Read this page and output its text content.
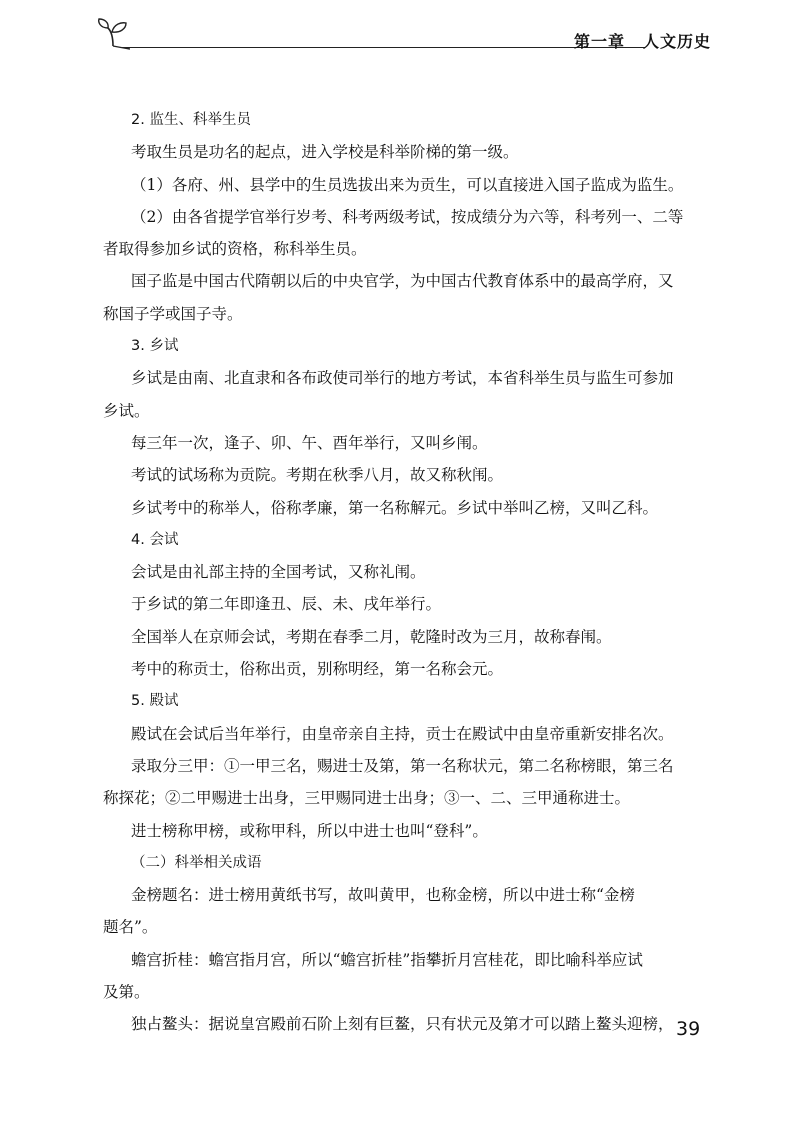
第一章 人文历史

2. 监生、科举生员

考取生员是功名的起点，进入学校是科举阶梯的第一级。

（1）各府、州、县学中的生员选拔出来为贡生，可以直接进入国子监成为监生。

（2）由各省提学官举行岁考、科考两级考试，按成绩分为六等，科考列一、二等

者取得参加乡试的资格，称科举生员。

国子监是中国古代隋朝以后的中央官学，为中国古代教育体系中的最高学府，又

称国子学或国子寺。

3. 乡试

乡试是由南、北直隶和各布政使司举行的地方考试，本省科举生员与监生可参加

乡试。

每三年一次，逢子、卯、午、酉年举行，又叫乡闱。

考试的试场称为贡院。考期在秋季八月，故又称秋闱。

乡试考中的称举人，俗称孝廉，第一名称解元。乡试中举叫乙榜，又叫乙科。

4. 会试

会试是由礼部主持的全国考试，又称礼闱。

于乡试的第二年即逢丑、辰、未、戌年举行。

全国举人在京师会试，考期在春季二月，乾隆时改为三月，故称春闱。

考中的称贡士，俗称出贡，别称明经，第一名称会元。

5. 殿试

殿试在会试后当年举行，由皇帝亲自主持，贡士在殿试中由皇帝重新安排名次。

录取分三甲：①一甲三名，赐进士及第，第一名称状元，第二名称榜眼，第三名

称探花；②二甲赐进士出身，三甲赐同进士出身；③一、二、三甲通称进士。

进士榜称甲榜，或称甲科，所以中进士也叫“登科”。

（二）科举相关成语

金榜题名：进士榜用黄纸书写，故叫黄甲，也称金榜，所以中进士称“金榜

题名”。

蟾宫折桂：蟾宫指月宫，所以“蟾宫折桂”指攀折月宫桂花，即比喻科举应试

及第。

独占鳌头：据说皇宫殿前石阶上刻有巨鳌，只有状元及第才可以踏上鳌头迎榜， 39
